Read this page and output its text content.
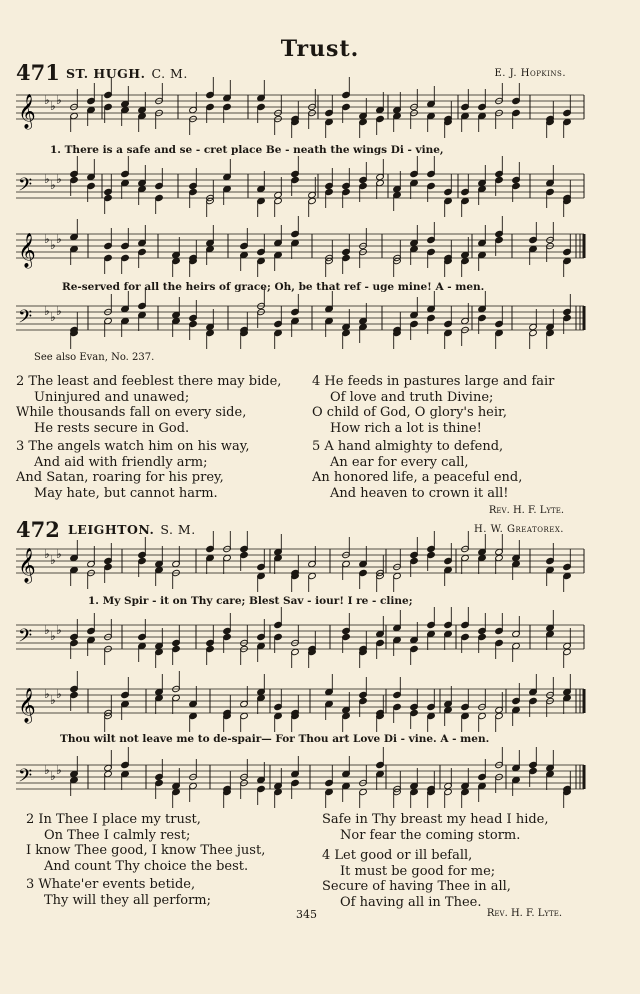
Trust.
471 ST. HUGH. C. M.	E. J. Hopkins.
𝄞 ♭ ♭ ♭
𝄢 ♭ ♭ ♭
𝄞 ♭ ♭ ♭
𝄢 ♭ ♭ ♭
𝄞 ♭ ♭ ♭
𝄢 ♭ ♭ ♭
𝄞 ♭ ♭ ♭
𝄢 ♭ ♭ ♭
1. There is a safe and se - cret place Be - neath the wings Di - vine,
Re-served for all the heirs of grace; Oh, be that ref - uge mine! A - men.
See also Evan, No. 237.
2 The least and feeblest there may bide,
Uninjured and unawed;
While thousands fall on every side,
He rests secure in God.
3 The angels watch him on his way,
And aid with friendly arm;
And Satan, roaring for his prey,
May hate, but cannot harm.
4 He feeds in pastures large and fair
Of love and truth Divine;
O child of God, O glory's heir,
How rich a lot is thine!
5 A hand almighty to defend,
An ear for every call,
An honored life, a peaceful end,
And heaven to crown it all!
Rev. H. F. Lyte.
472 LEIGHTON. S. M.	H. W. Greatorex.
1. My Spir - it on Thy care; Blest Sav - iour! I re - cline;
Thou wilt not leave me to de-spair— For Thou art Love Di - vine. A - men.
2 In Thee I place my trust,
On Thee I calmly rest;
I know Thee good, I know Thee just,
And count Thy choice the best.
3 Whate'er events betide,
Thy will they all perform;
Safe in Thy breast my head I hide,
Nor fear the coming storm.
4 Let good or ill befall,
It must be good for me;
Secure of having Thee in all,
Of having all in Thee.
Rev. H. F. Lyte.
345
